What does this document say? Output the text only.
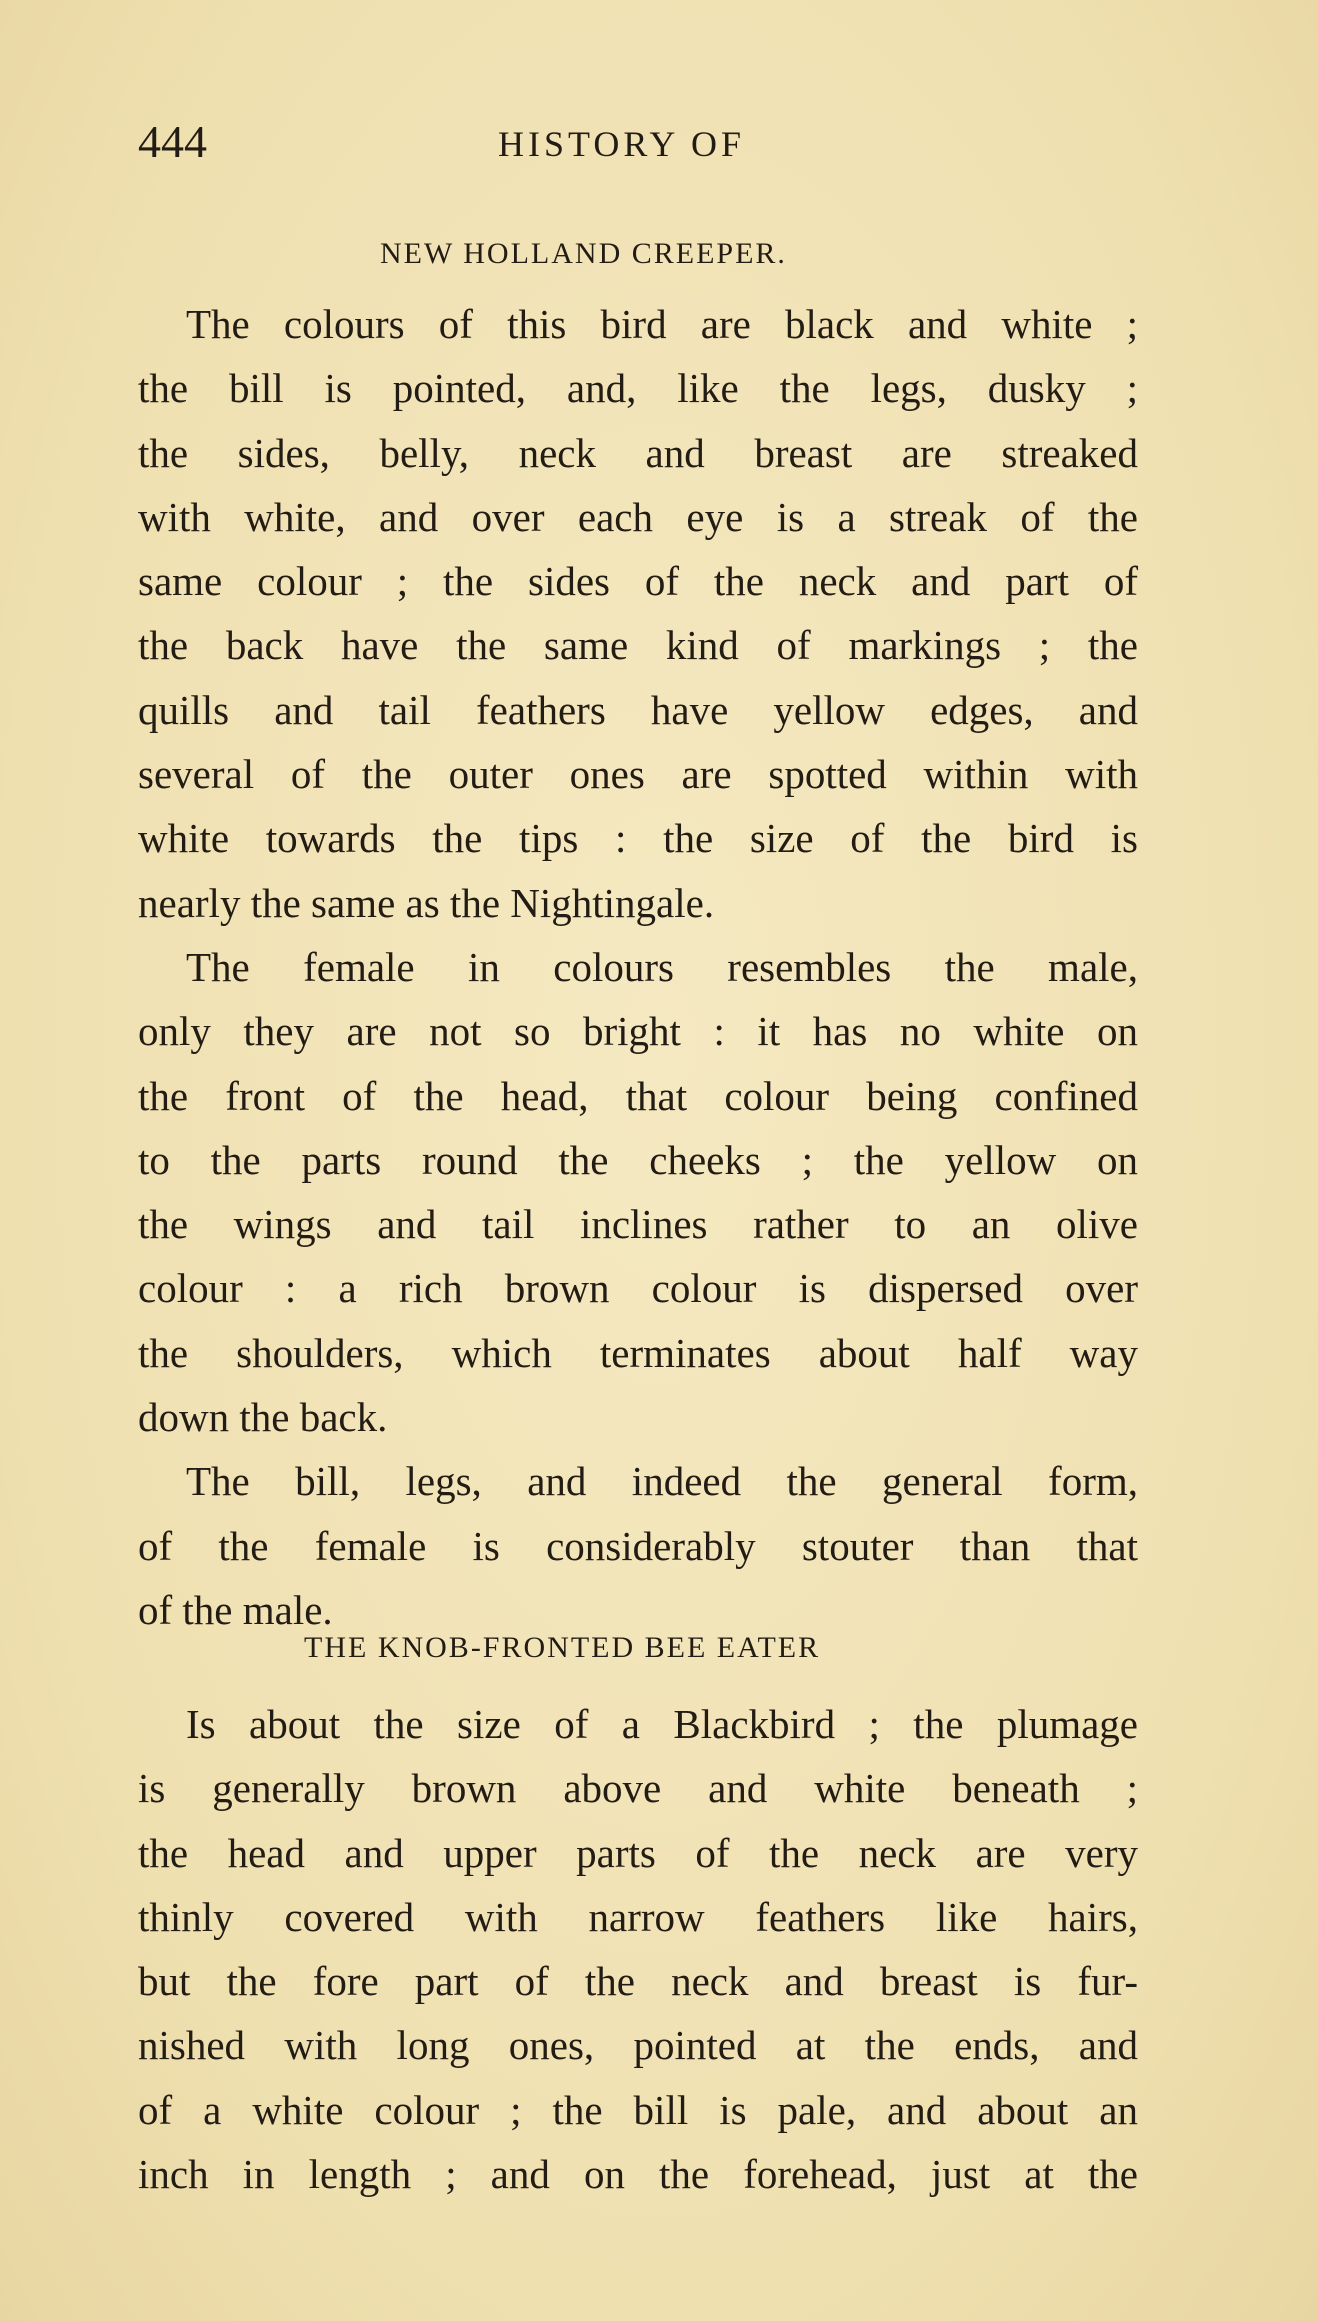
444	HISTORY OF
NEW HOLLAND CREEPER.
The colours of this bird are black and white ;
the bill is pointed, and, like the legs, dusky ;
the sides, belly, neck and breast are streaked
with white, and over each eye is a streak of the
same colour ; the sides of the neck and part of
the back have the same kind of markings ; the
quills and tail feathers have yellow edges, and
several of the outer ones are spotted within with
white towards the tips : the size of the bird is
nearly the same as the Nightingale.
The female in colours resembles the male,
only they are not so bright : it has no white on
the front of the head, that colour being confined
to the parts round the cheeks ; the yellow on
the wings and tail inclines rather to an olive
colour : a rich brown colour is dispersed over
the shoulders, which terminates about half way
down the back.
The bill, legs, and indeed the general form,
of the female is considerably stouter than that
of the male.
THE KNOB-FRONTED BEE EATER
Is about the size of a Blackbird ; the plumage
is generally brown above and white beneath ;
the head and upper parts of the neck are very
thinly covered with narrow feathers like hairs,
but the fore part of the neck and breast is fur-
nished with long ones, pointed at the ends, and
of a white colour ; the bill is pale, and about an
inch in length ; and on the forehead, just at the
